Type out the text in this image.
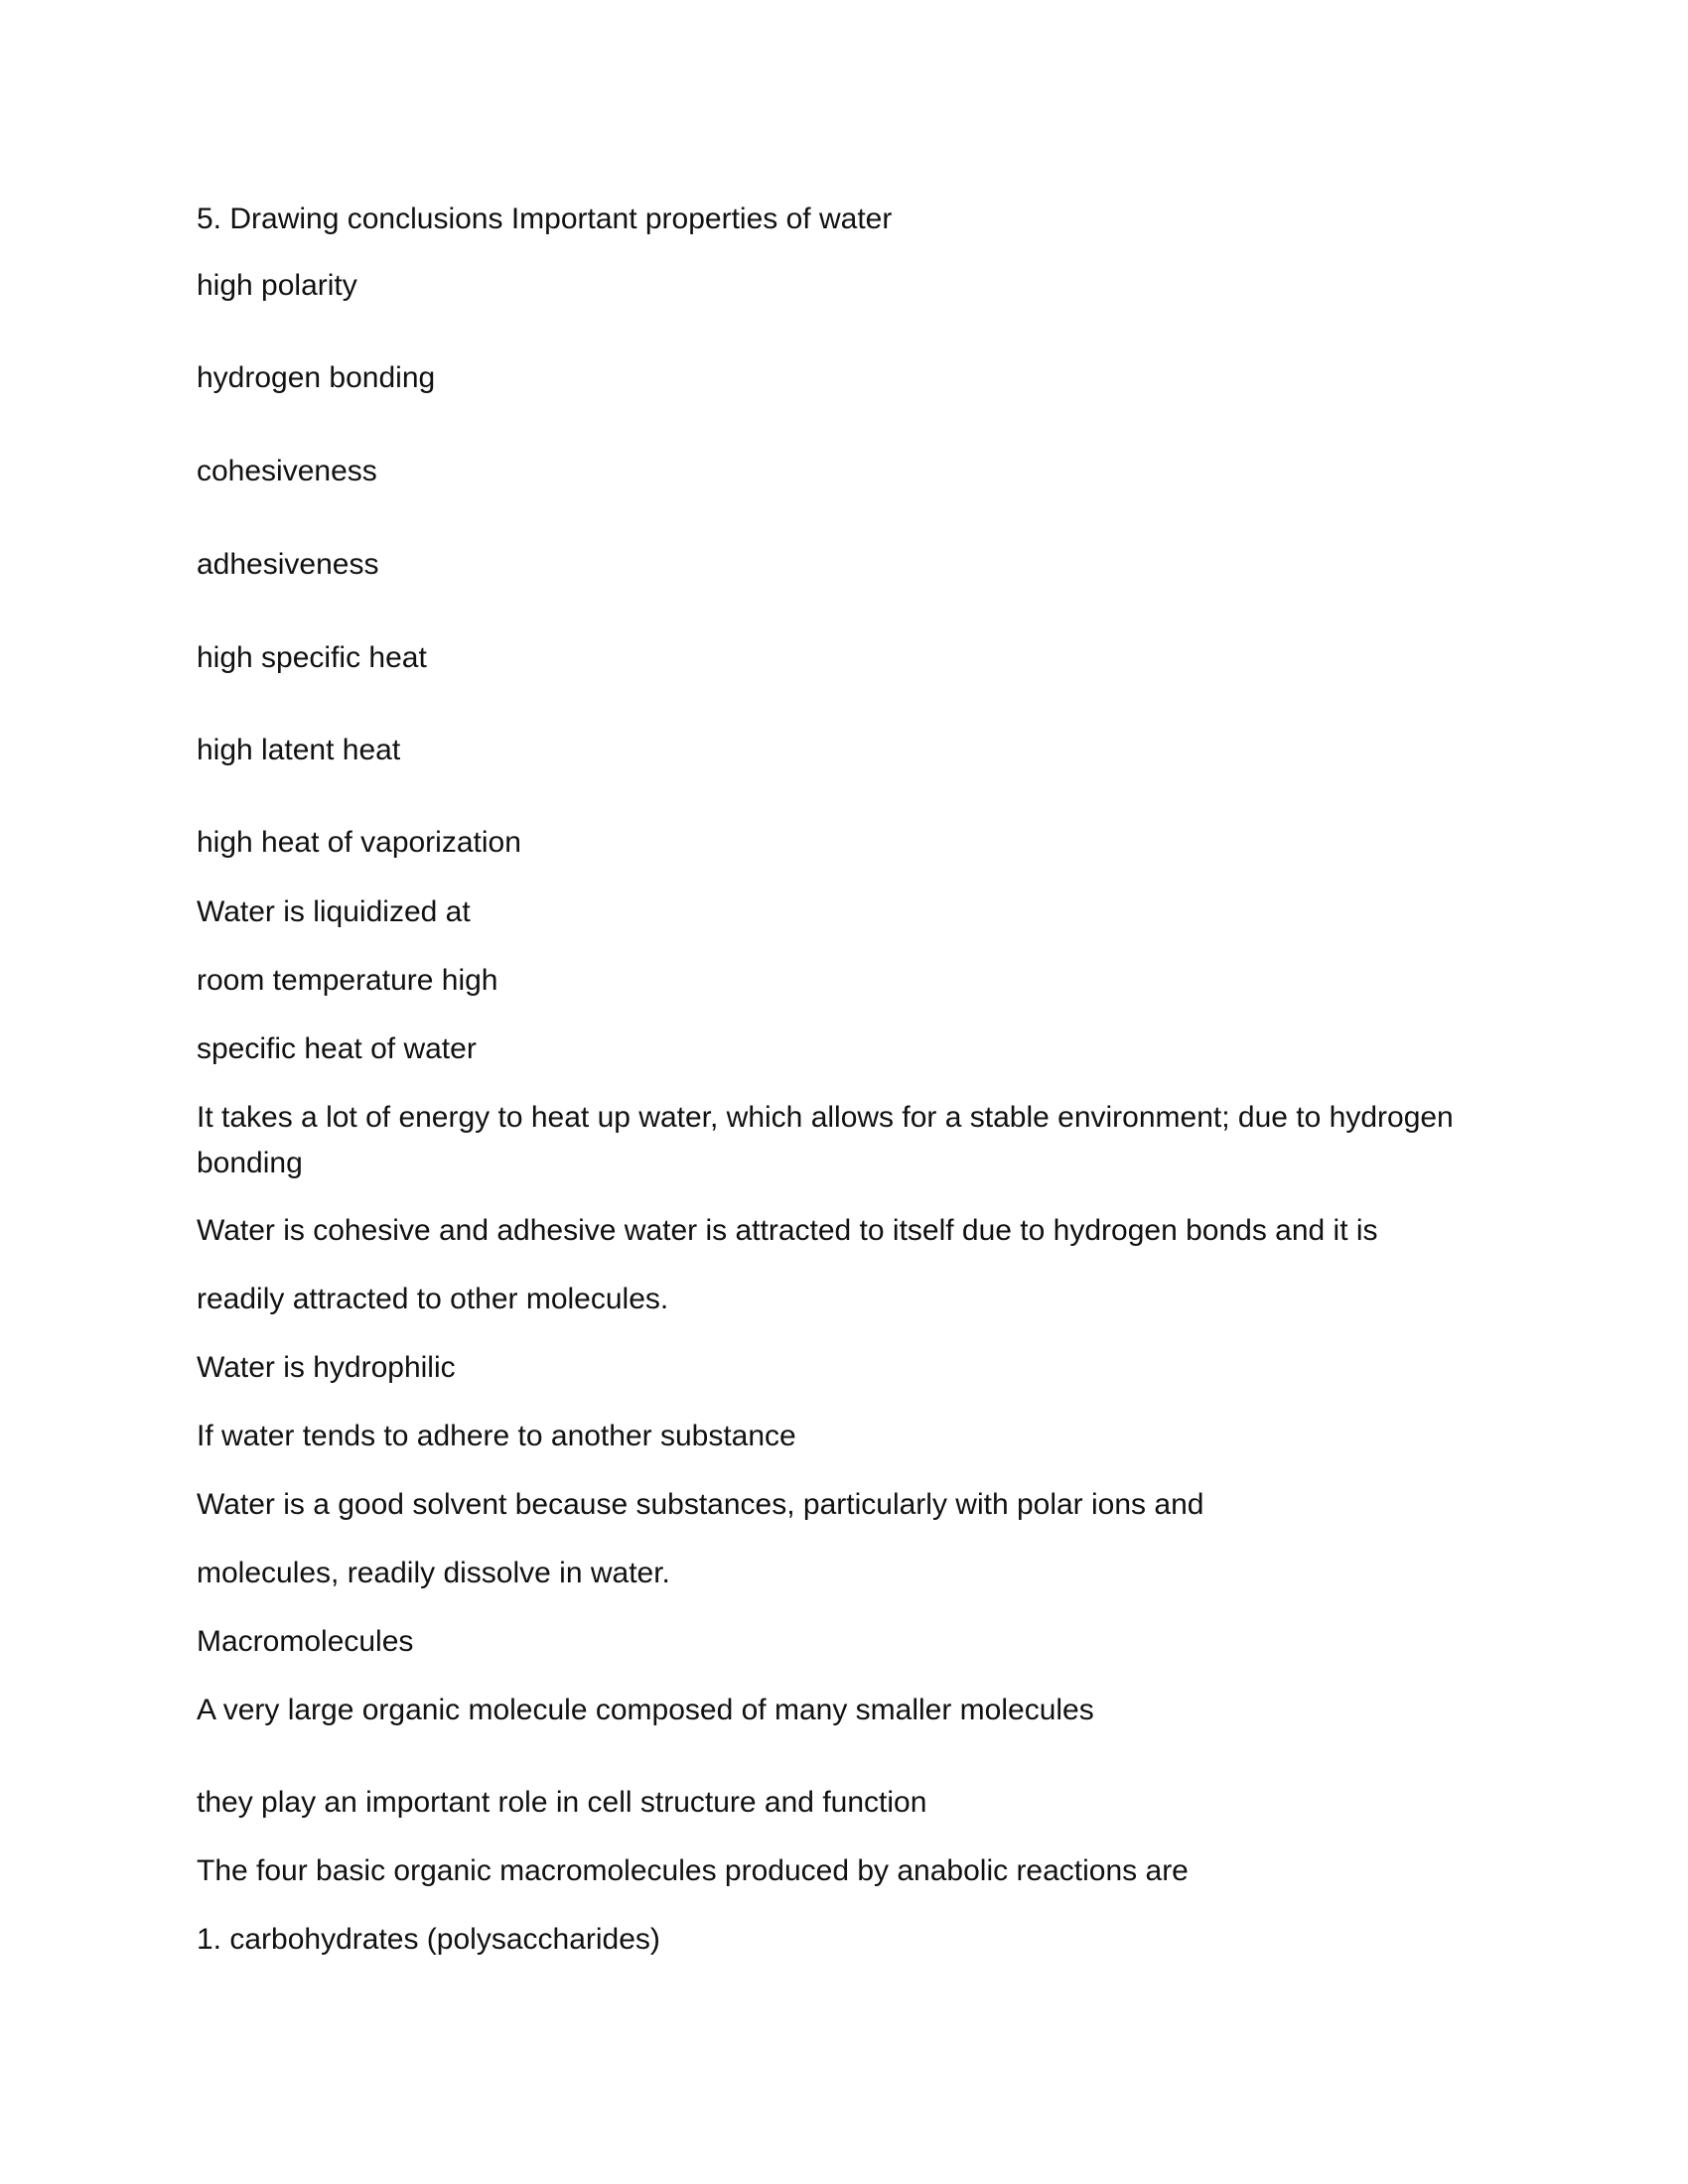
5. Drawing conclusions Important properties of water
high polarity
hydrogen bonding
cohesiveness
adhesiveness
high specific heat
high latent heat
high heat of vaporization
Water is liquidized at
room temperature high
specific heat of water
It takes a lot of energy to heat up water, which allows for a stable environment; due to hydrogen bonding
Water is cohesive and adhesive water is attracted to itself due to hydrogen bonds and it is
readily attracted to other molecules.
Water is hydrophilic
If water tends to adhere to another substance
Water is a good solvent because substances, particularly with polar ions and
molecules, readily dissolve in water.
Macromolecules
A very large organic molecule composed of many smaller molecules
they play an important role in cell structure and function
The four basic organic macromolecules produced by anabolic reactions are
1. carbohydrates (polysaccharides)
